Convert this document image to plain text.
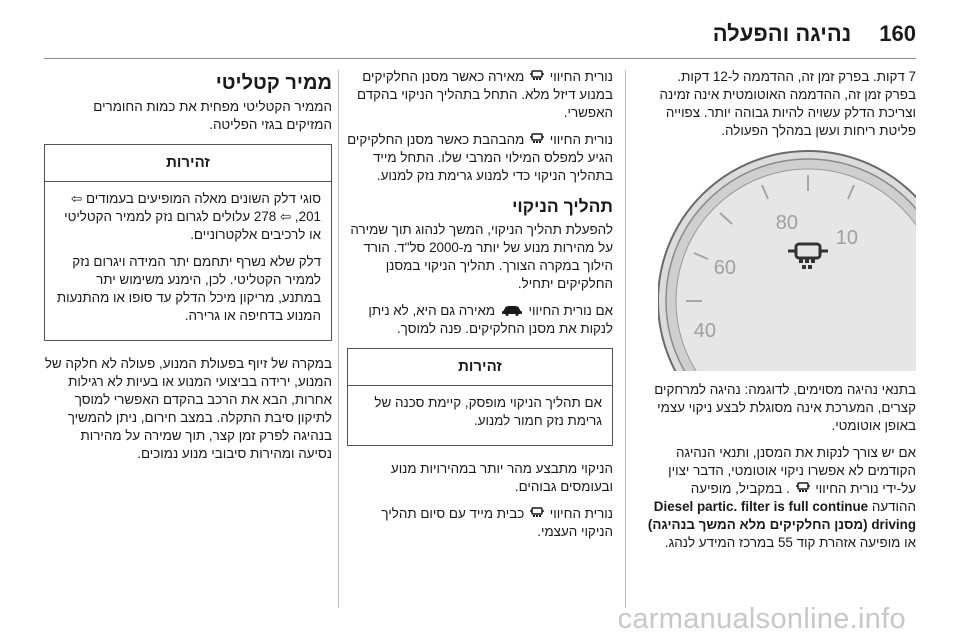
160
נהיגה והפעלה

7 דקות. בפרק זמן זה, ההדממה ל-12 דקות. בפרק זמן זה, ההדממה האוטומטית אינה זמינה וצריכת הדלק עשויה להיות גבוהה יותר. צפוייה פליטת ריחות ועשן במהלך הפעולה.

60
80
10
40

בתנאי נהיגה מסוימים, לדוגמה: נהיגה למרחקים קצרים, המערכת אינה מסוגלת לבצע ניקוי עצמי באופן אוטומטי.

אם יש צורך לנקות את המסנן, ותנאי הנהיגה הקודמים לא אפשרו ניקוי אוטומטי, הדבר יצוין על-ידי נורית החיווי  . במקביל, מופיעה ההודעה Diesel partic. filter is full continue driving (מסנן החלקיקים מלא המשך בנהיגה) או מופיעה אזהרת קוד 55 במרכז המידע לנהג.

נורית החיווי  מאירה כאשר מסנן החלקיקים במנוע דיזל מלא. התחל בתהליך הניקוי בהקדם האפשרי.

נורית החיווי  מהבהבת כאשר מסנן החלקיקים הגיע למפלס המילוי המרבי שלו. התחל מייד בתהליך הניקוי כדי למנוע גרימת נזק למנוע.

תהליך הניקוי

להפעלת תהליך הניקוי, המשך לנהוג תוך שמירה על מהירות מנוע של יותר מ-2000 סל"ד. הורד הילוך במקרה הצורך. תהליך הניקוי במסנן החלקיקים יתחיל.

אם נורית החיווי  מאירה גם היא, לא ניתן לנקות את מסנן החלקיקים. פנה למוסך.

זהירות

אם תהליך הניקוי מופסק, קיימת סכנה של גרימת נזק חמור למנוע.

הניקוי מתבצע מהר יותר במהירויות מנוע ובעומסים גבוהים.

נורית החיווי  כבית מייד עם סיום תהליך הניקוי העצמי.

ממיר קטליטי

הממיר הקטליטי מפחית את כמות החומרים המזיקים בגזי הפליטה.

זהירות

סוגי דלק השונים מאלה המופיעים בעמודים ⇦ 201, ⇦ 278 עלולים לגרום נזק לממיר הקטליטי או לרכיבים אלקטרוניים.

דלק שלא נשרף יתחמם יתר המידה ויגרום נזק לממיר הקטליטי. לכן, הימנע משימוש יתר במתנע, מריקון מיכל הדלק עד סופו או מהתנעות המנוע בדחיפה או גרירה.

במקרה של זיוף בפעולת המנוע, פעולה לא חלקה של המנוע, ירידה בביצועי המנוע או בעיות לא רגילות אחרות, הבא את הרכב בהקדם האפשרי למוסך לתיקון סיבת התקלה. במצב חירום, ניתן להמשיך בנהיגה לפרק זמן קצר, תוך שמירה על מהירות נסיעה ומהירות סיבובי מנוע נמוכים.

carmanualsonline.info
